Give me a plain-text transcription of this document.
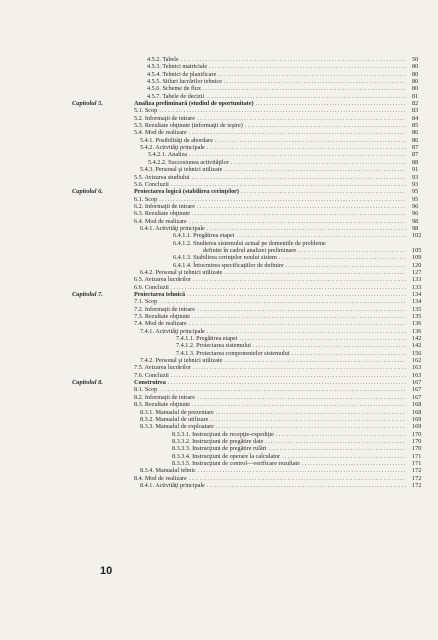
·
4.5.2. Tabele .....	50
4.5.3. Tehnici matriciale .....	80
4.5.4. Tehnici de planificare .....	80
4.5.5. Stiluri lucrărilor tehnice .....	80
4.5.6. Scheme de flux .....	80
4.5.7. Tabele de decizii .....	81
Capitolul 5.	Analiza preliminară (studiul de oportunitate) .....	82
5.1. Scop .....	83
5.2. Informaţii de intrare .....	84
5.3. Rezultate obţinute (informaţii de ieşire) .....	85
5.4. Mod de realizare .....	86
5.4.1. Posibilităţi de abordare .....	86
5.4.2. Activităţi principale .....	87
5.4.2.1. Analiza .....	87
5.4.2.2. Succesiunea activităţilor .....	88
5.4.3. Personal şi tehnici utilizate .....	91
5.5. Avizarea studiului .....	93
5.6. Concluzii .....	93
Capitolul 6.	Proiectarea logică (stabilirea cerinţelor) .....	95
6.1. Scop .....	95
6.2. Informaţii de intrare .....	96
6.3. Rezultate obţinute .....	96
6.4. Mod de realizare .....	98
6.4.1. Activităţi principale .....	98
6.4.1.1. Pregătirea etapei .....	102
6.4.1.2. Studierea sistemului actual pe domeniile de probleme
definite în cadrul analizei preliminare .....	105
6.4.1.3. Stabilirea cerinţelor noului sistem .....	109
6.4.1.4. Întocmirea specificaţiilor de definire .....	120
6.4.2. Personal şi tehnici utilizate .....	127
6.5. Avizarea lucrărilor .....	133
6.6. Concluzii .....	133
Capitolul 7.	Proiectarea tehnică .....	134
7.1. Scop .....	134
7.2. Informaţii de intrare .....	135
7.3. Rezultate obţinute .....	135
7.4. Mod de realizare .....	136
7.4.1. Activităţi principale .....	136
7.4.1.1. Pregătirea etapei .....	142
7.4.1.2. Proiectarea sistemului .....	142
7.4.1.3. Proiectarea componentelor sistemului .....	156
7.4.2. Personal şi tehnici utilizate .....	162
7.5. Avizarea lucrărilor .....	163
7.6. Concluzii .....	163
Capitolul 8.	Construirea .....	167
8.1. Scop .....	167
8.2. Informaţii de intrare .....	167
8.3. Rezultate obţinute .....	168
8.3.1. Manualul de prezentare .....	168
8.3.2. Manualul de utilizare .....	169
8.3.3. Manualul de exploatare .....	169
8.3.3.1. Instrucţiuni de recepţie-expediţie .....	170
8.3.3.2. Instrucţiuni de pregătire date .....	170
8.3.3.3. Instrucţiuni de pregătire rulări .....	170
8.3.3.4. Instrucţiuni de operare la calculator .....	171
8.3.3.5. Instrucţiuni de control—verificare rezultate .....	171
8.3.4. Manualul tehnic .....	172
8.4. Mod de realizare .....	172
8.4.1. Activităţi principale .....	172
10
